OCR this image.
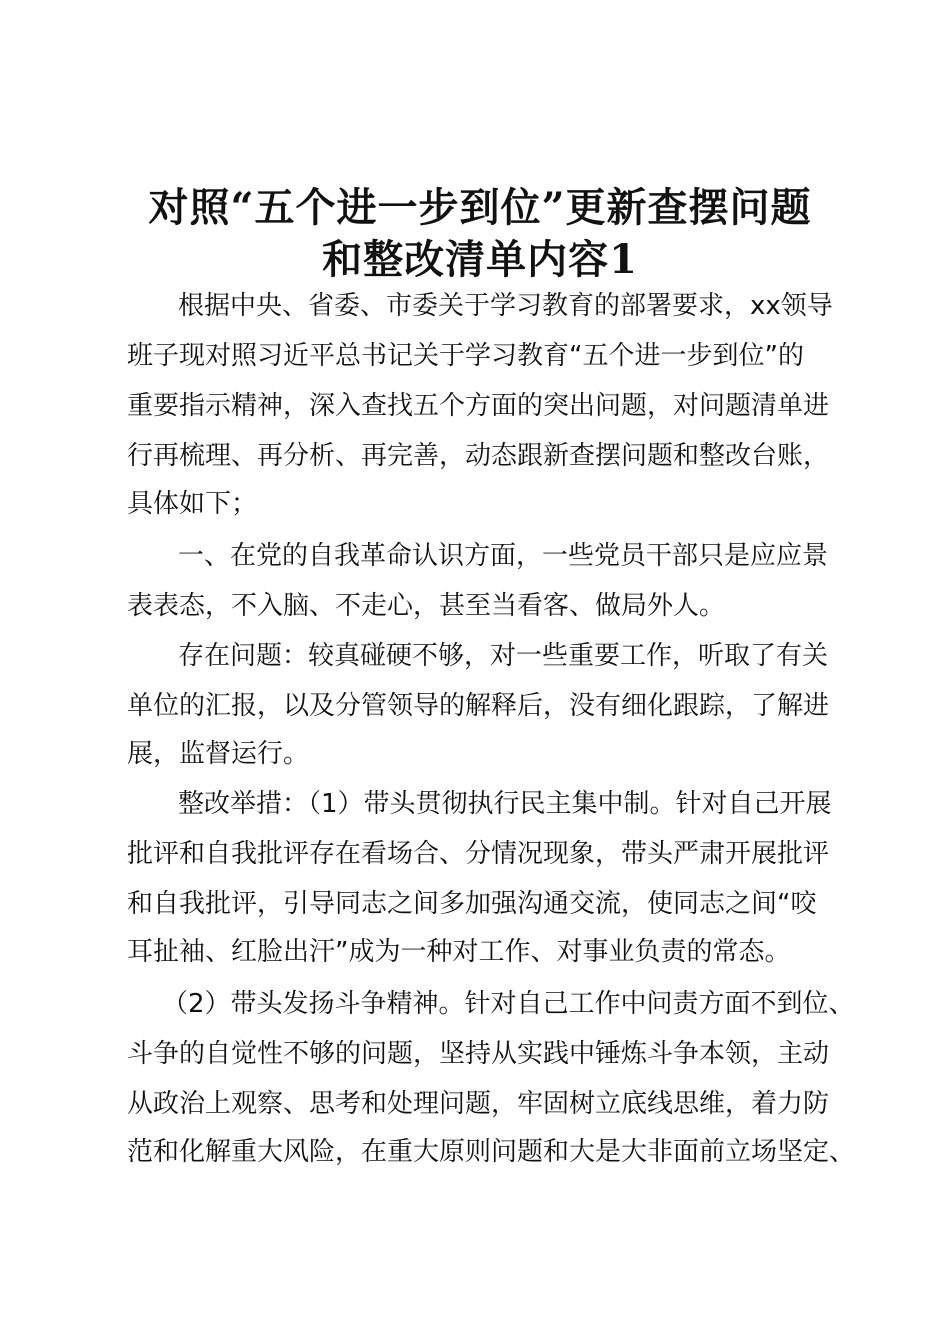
对照“五个进一步到位”更新查摆问题
和整改清单内容1
根据中央、省委、市委关于学习教育的部署要求，xx领导
班子现对照习近平总书记关于学习教育“五个进一步到位”的
重要指示精神，深入查找五个方面的突出问题，对问题清单进
行再梳理、再分析、再完善，动态跟新查摆问题和整改台账，
具体如下；
一、在党的自我革命认识方面，一些党员干部只是应应景
表表态，不入脑、不走心，甚至当看客、做局外人。
存在问题：较真碰硬不够，对一些重要工作，听取了有关
单位的汇报，以及分管领导的解释后，没有细化跟踪，了解进
展，监督运行。
整改举措：（1）带头贯彻执行民主集中制。针对自己开展
批评和自我批评存在看场合、分情况现象，带头严肃开展批评
和自我批评，引导同志之间多加强沟通交流，使同志之间“咬
耳扯袖、红脸出汗”成为一种对工作、对事业负责的常态。
（2）带头发扬斗争精神。针对自己工作中问责方面不到位、
斗争的自觉性不够的问题，坚持从实践中锤炼斗争本领，主动
从政治上观察、思考和处理问题，牢固树立底线思维，着力防
范和化解重大风险，在重大原则问题和大是大非面前立场坚定、
